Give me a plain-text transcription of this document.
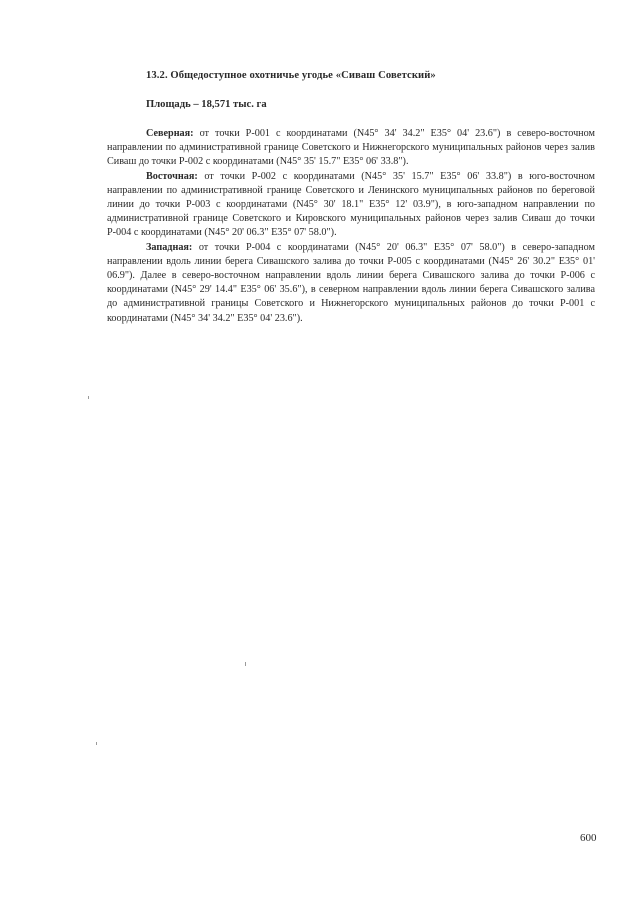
13.2. Общедоступное охотничье угодье «Сиваш Советский»
Площадь – 18,571 тыс. га

Северная: от точки Р-001 с координатами (N45° 34' 34.2" E35° 04' 23.6") в северо-восточном направлении по административной границе Советского и Нижнегорского муниципальных районов через залив Сиваш до точки Р-002 с координатами (N45° 35' 15.7" E35° 06' 33.8").

Восточная: от точки Р-002 с координатами (N45° 35' 15.7" E35° 06' 33.8") в юго-восточном направлении по административной границе Советского и Ленинского муниципальных районов по береговой линии до точки Р-003 с координатами (N45° 30' 18.1" E35° 12' 03.9"), в юго-западном направлении по административной границе Советского и Кировского муниципальных районов через залив Сиваш до точки Р-004 с координатами (N45° 20' 06.3" E35° 07' 58.0").

Западная: от точки Р-004 с координатами (N45° 20' 06.3" E35° 07' 58.0") в северо-западном направлении вдоль линии берега Сивашского залива до точки Р-005 с координатами (N45° 26' 30.2" E35° 01' 06.9"). Далее в северо-восточном направлении вдоль линии берега Сивашского залива до точки Р-006 с координатами (N45° 29' 14.4" E35° 06' 35.6"), в северном направлении вдоль линии берега Сивашского залива до административной границы Советского и Нижнегорского муниципальных районов до точки Р-001 с координатами (N45° 34' 34.2" E35° 04' 23.6").

600
